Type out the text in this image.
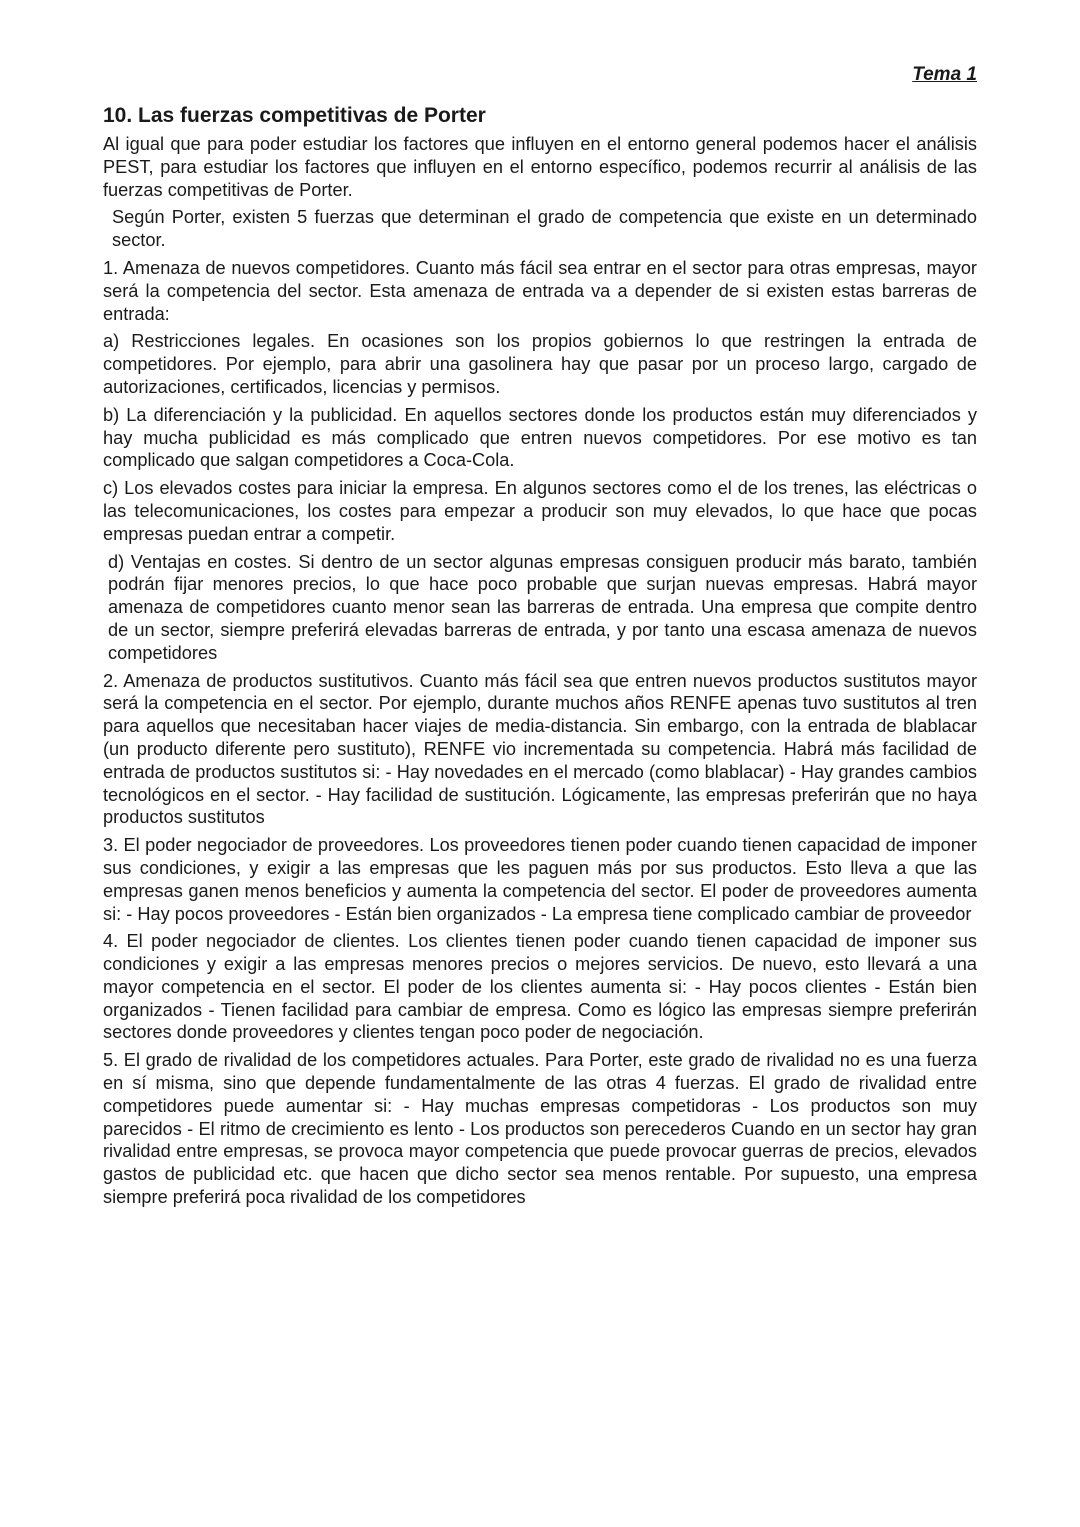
Tema 1
10. Las fuerzas competitivas de Porter

Al igual que para poder estudiar los factores que influyen en el entorno general podemos hacer el análisis PEST, para estudiar los factores que influyen en el entorno específico, podemos recurrir al análisis de las fuerzas competitivas de Porter.

Según Porter, existen 5 fuerzas que determinan el grado de competencia que existe en un determinado sector.

1. Amenaza de nuevos competidores. Cuanto más fácil sea entrar en el sector para otras empresas, mayor será la competencia del sector. Esta amenaza de entrada va a depender de si existen estas barreras de entrada:

a) Restricciones legales. En ocasiones son los propios gobiernos lo que restringen la entrada de competidores. Por ejemplo, para abrir una gasolinera hay que pasar por un proceso largo, cargado de autorizaciones, certificados, licencias y permisos.

b) La diferenciación y la publicidad. En aquellos sectores donde los productos están muy diferenciados y hay mucha publicidad es más complicado que entren nuevos competidores. Por ese motivo es tan complicado que salgan competidores a Coca-Cola.

c) Los elevados costes para iniciar la empresa. En algunos sectores como el de los trenes, las eléctricas o las telecomunicaciones, los costes para empezar a producir son muy elevados, lo que hace que pocas empresas puedan entrar a competir.

d) Ventajas en costes. Si dentro de un sector algunas empresas consiguen producir más barato, también podrán fijar menores precios, lo que hace poco probable que surjan nuevas empresas. Habrá mayor amenaza de competidores cuanto menor sean las barreras de entrada. Una empresa que compite dentro de un sector, siempre preferirá elevadas barreras de entrada, y por tanto una escasa amenaza de nuevos competidores

2. Amenaza de productos sustitutivos. Cuanto más fácil sea que entren nuevos productos sustitutos mayor será la competencia en el sector. Por ejemplo, durante muchos años RENFE apenas tuvo sustitutos al tren para aquellos que necesitaban hacer viajes de media-distancia. Sin embargo, con la entrada de blablacar (un producto diferente pero sustituto), RENFE vio incrementada su competencia. Habrá más facilidad de entrada de productos sustitutos si: - Hay novedades en el mercado (como blablacar) - Hay grandes cambios tecnológicos en el sector. - Hay facilidad de sustitución. Lógicamente, las empresas preferirán que no haya productos sustitutos

3. El poder negociador de proveedores. Los proveedores tienen poder cuando tienen capacidad de imponer sus condiciones, y exigir a las empresas que les paguen más por sus productos. Esto lleva a que las empresas ganen menos beneficios y aumenta la competencia del sector. El poder de proveedores aumenta si: - Hay pocos proveedores - Están bien organizados - La empresa tiene complicado cambiar de proveedor

4. El poder negociador de clientes. Los clientes tienen poder cuando tienen capacidad de imponer sus condiciones y exigir a las empresas menores precios o mejores servicios. De nuevo, esto llevará a una mayor competencia en el sector. El poder de los clientes aumenta si: - Hay pocos clientes - Están bien organizados - Tienen facilidad para cambiar de empresa. Como es lógico las empresas siempre preferirán sectores donde proveedores y clientes tengan poco poder de negociación.

5. El grado de rivalidad de los competidores actuales. Para Porter, este grado de rivalidad no es una fuerza en sí misma, sino que depende fundamentalmente de las otras 4 fuerzas. El grado de rivalidad entre competidores puede aumentar si: - Hay muchas empresas competidoras - Los productos son muy parecidos - El ritmo de crecimiento es lento - Los productos son perecederos Cuando en un sector hay gran rivalidad entre empresas, se provoca mayor competencia que puede provocar guerras de precios, elevados gastos de publicidad etc. que hacen que dicho sector sea menos rentable. Por supuesto, una empresa siempre preferirá poca rivalidad de los competidores
